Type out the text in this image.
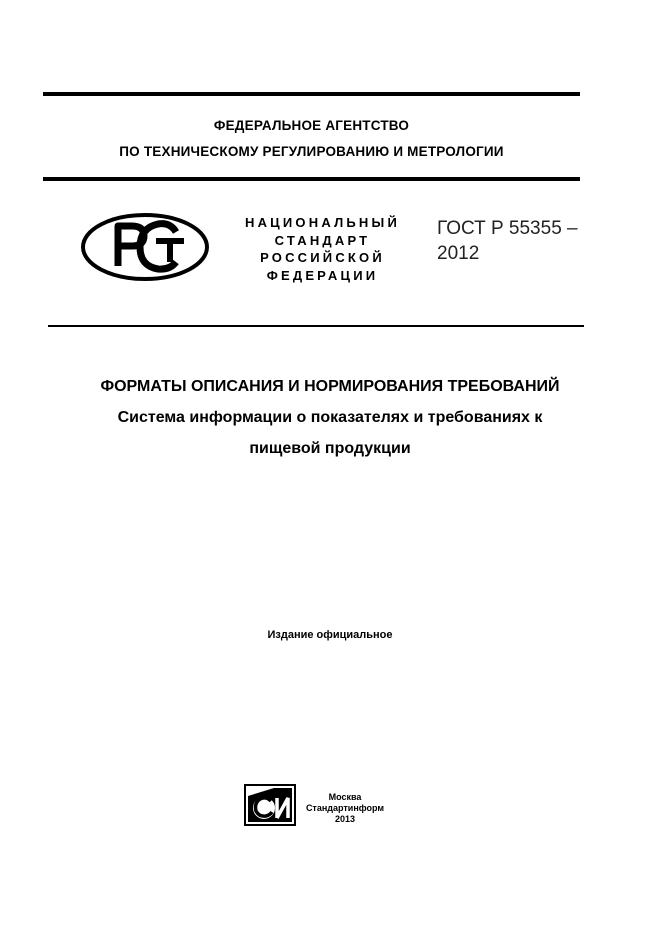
ФЕДЕРАЛЬНОЕ АГЕНТСТВО
ПО ТЕХНИЧЕСКОМУ РЕГУЛИРОВАНИЮ И МЕТРОЛОГИИ
НАЦИОНАЛЬНЫЙ
СТАНДАРТ
РОССИЙСКОЙ
ФЕДЕРАЦИИ
ГОСТ Р 55355 –
2012
ФОРМАТЫ ОПИСАНИЯ И НОРМИРОВАНИЯ ТРЕБОВАНИЙ
Система информации о показателях и требованиях к
пищевой продукции
Издание официальное
Москва
Стандартинформ
2013
